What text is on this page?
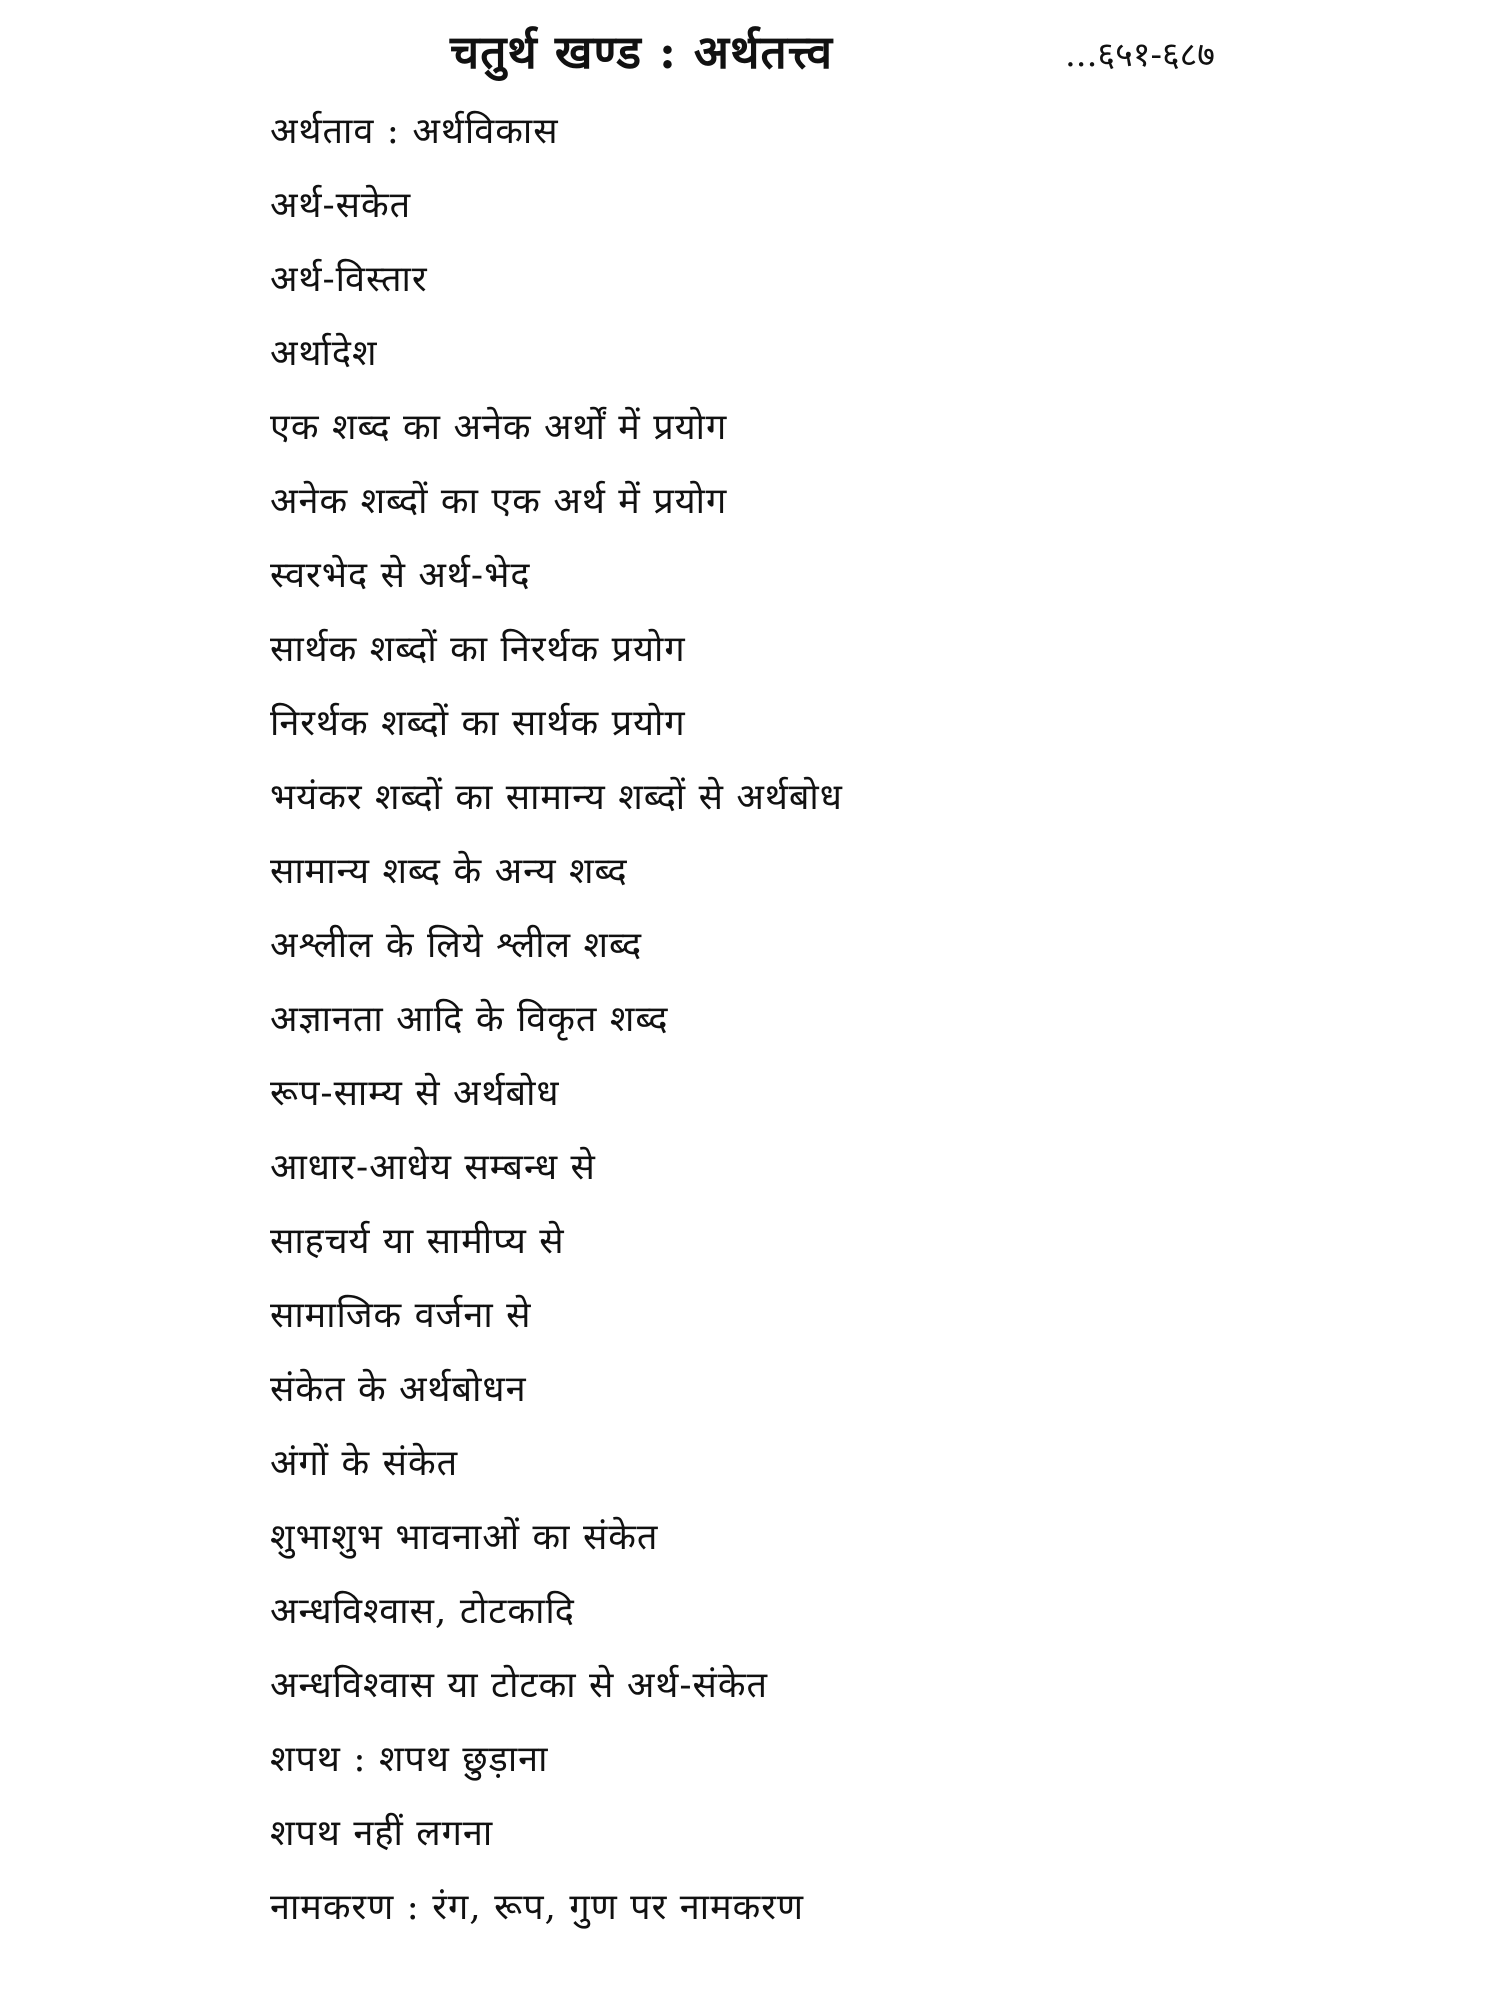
चतुर्थ खण्ड : अर्थतत्त्व	...६५१-६८७
अर्थताव : अर्थविकास
अर्थ-सकेत
अर्थ-विस्तार
अर्थादेश
एक शब्द का अनेक अर्थों में प्रयोग
अनेक शब्दों का एक अर्थ में प्रयोग
स्वरभेद से अर्थ-भेद
सार्थक शब्दों का निरर्थक प्रयोग
निरर्थक शब्दों का सार्थक प्रयोग
भयंकर शब्दों का सामान्य शब्दों से अर्थबोध
सामान्य शब्द के अन्य शब्द
अश्लील के लिये श्लील शब्द
अज्ञानता आदि के विकृत शब्द
रूप-साम्य से अर्थबोध
आधार-आधेय सम्बन्ध से
साहचर्य या सामीप्य से
सामाजिक वर्जना से
संकेत के अर्थबोधन
अंगों के संकेत
शुभाशुभ भावनाओं का संकेत
अन्धविश्वास, टोटकादि
अन्धविश्वास या टोटका से अर्थ-संकेत
शपथ : शपथ छुड़ाना
शपथ नहीं लगना
नामकरण : रंग, रूप, गुण पर नामकरण
